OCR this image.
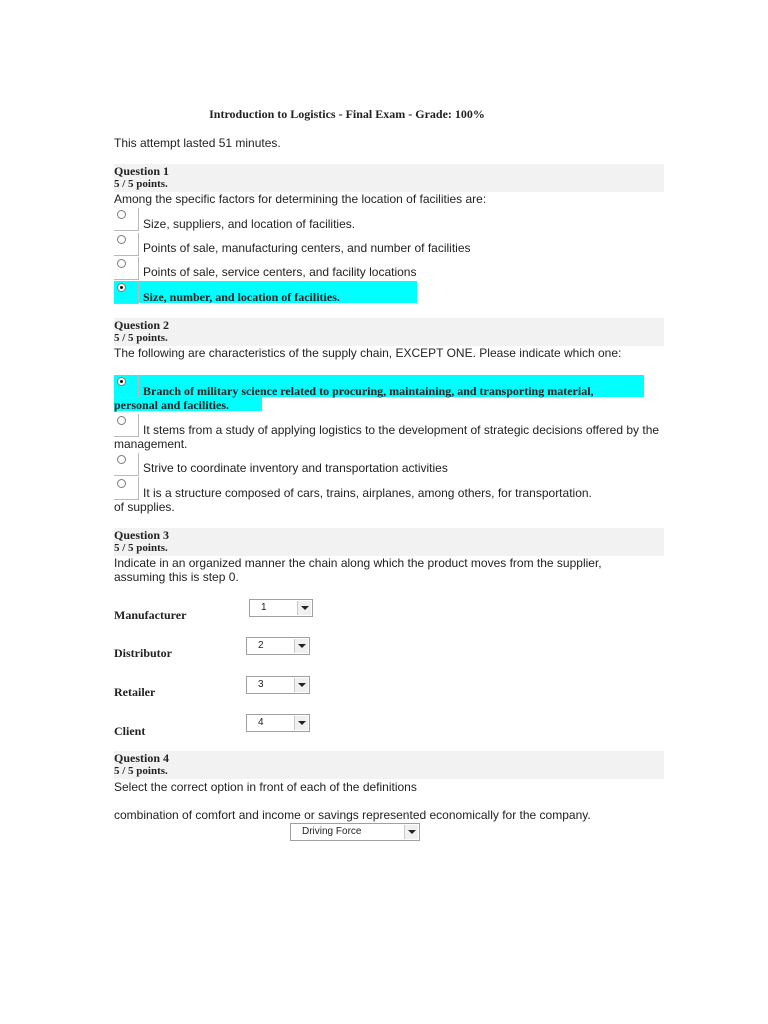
Introduction to Logistics - Final Exam - Grade: 100%
This attempt lasted 51 minutes.
Question 1
5 / 5 points.
Among the specific factors for determining the location of facilities are:
Size, suppliers, and location of facilities.
Points of sale, manufacturing centers, and number of facilities
Points of sale, service centers, and facility locations
Size, number, and location of facilities.
Question 2
5 / 5 points.
The following are characteristics of the supply chain, EXCEPT ONE. Please indicate which one:
Branch of military science related to procuring, maintaining, and transporting material,
personal and facilities.
It stems from a study of applying logistics to the development of strategic decisions offered by the
management.
Strive to coordinate inventory and transportation activities
It is a structure composed of cars, trains, airplanes, among others, for transportation.
of supplies.
Question 3
5 / 5 points.
Indicate in an organized manner the chain along which the product moves from the supplier,
assuming this is step 0.
Manufacturer
1
Distributor
2
Retailer
3
Client
4
Question 4
5 / 5 points.
Select the correct option in front of each of the definitions
combination of comfort and income or savings represented economically for the company.
Driving Force
